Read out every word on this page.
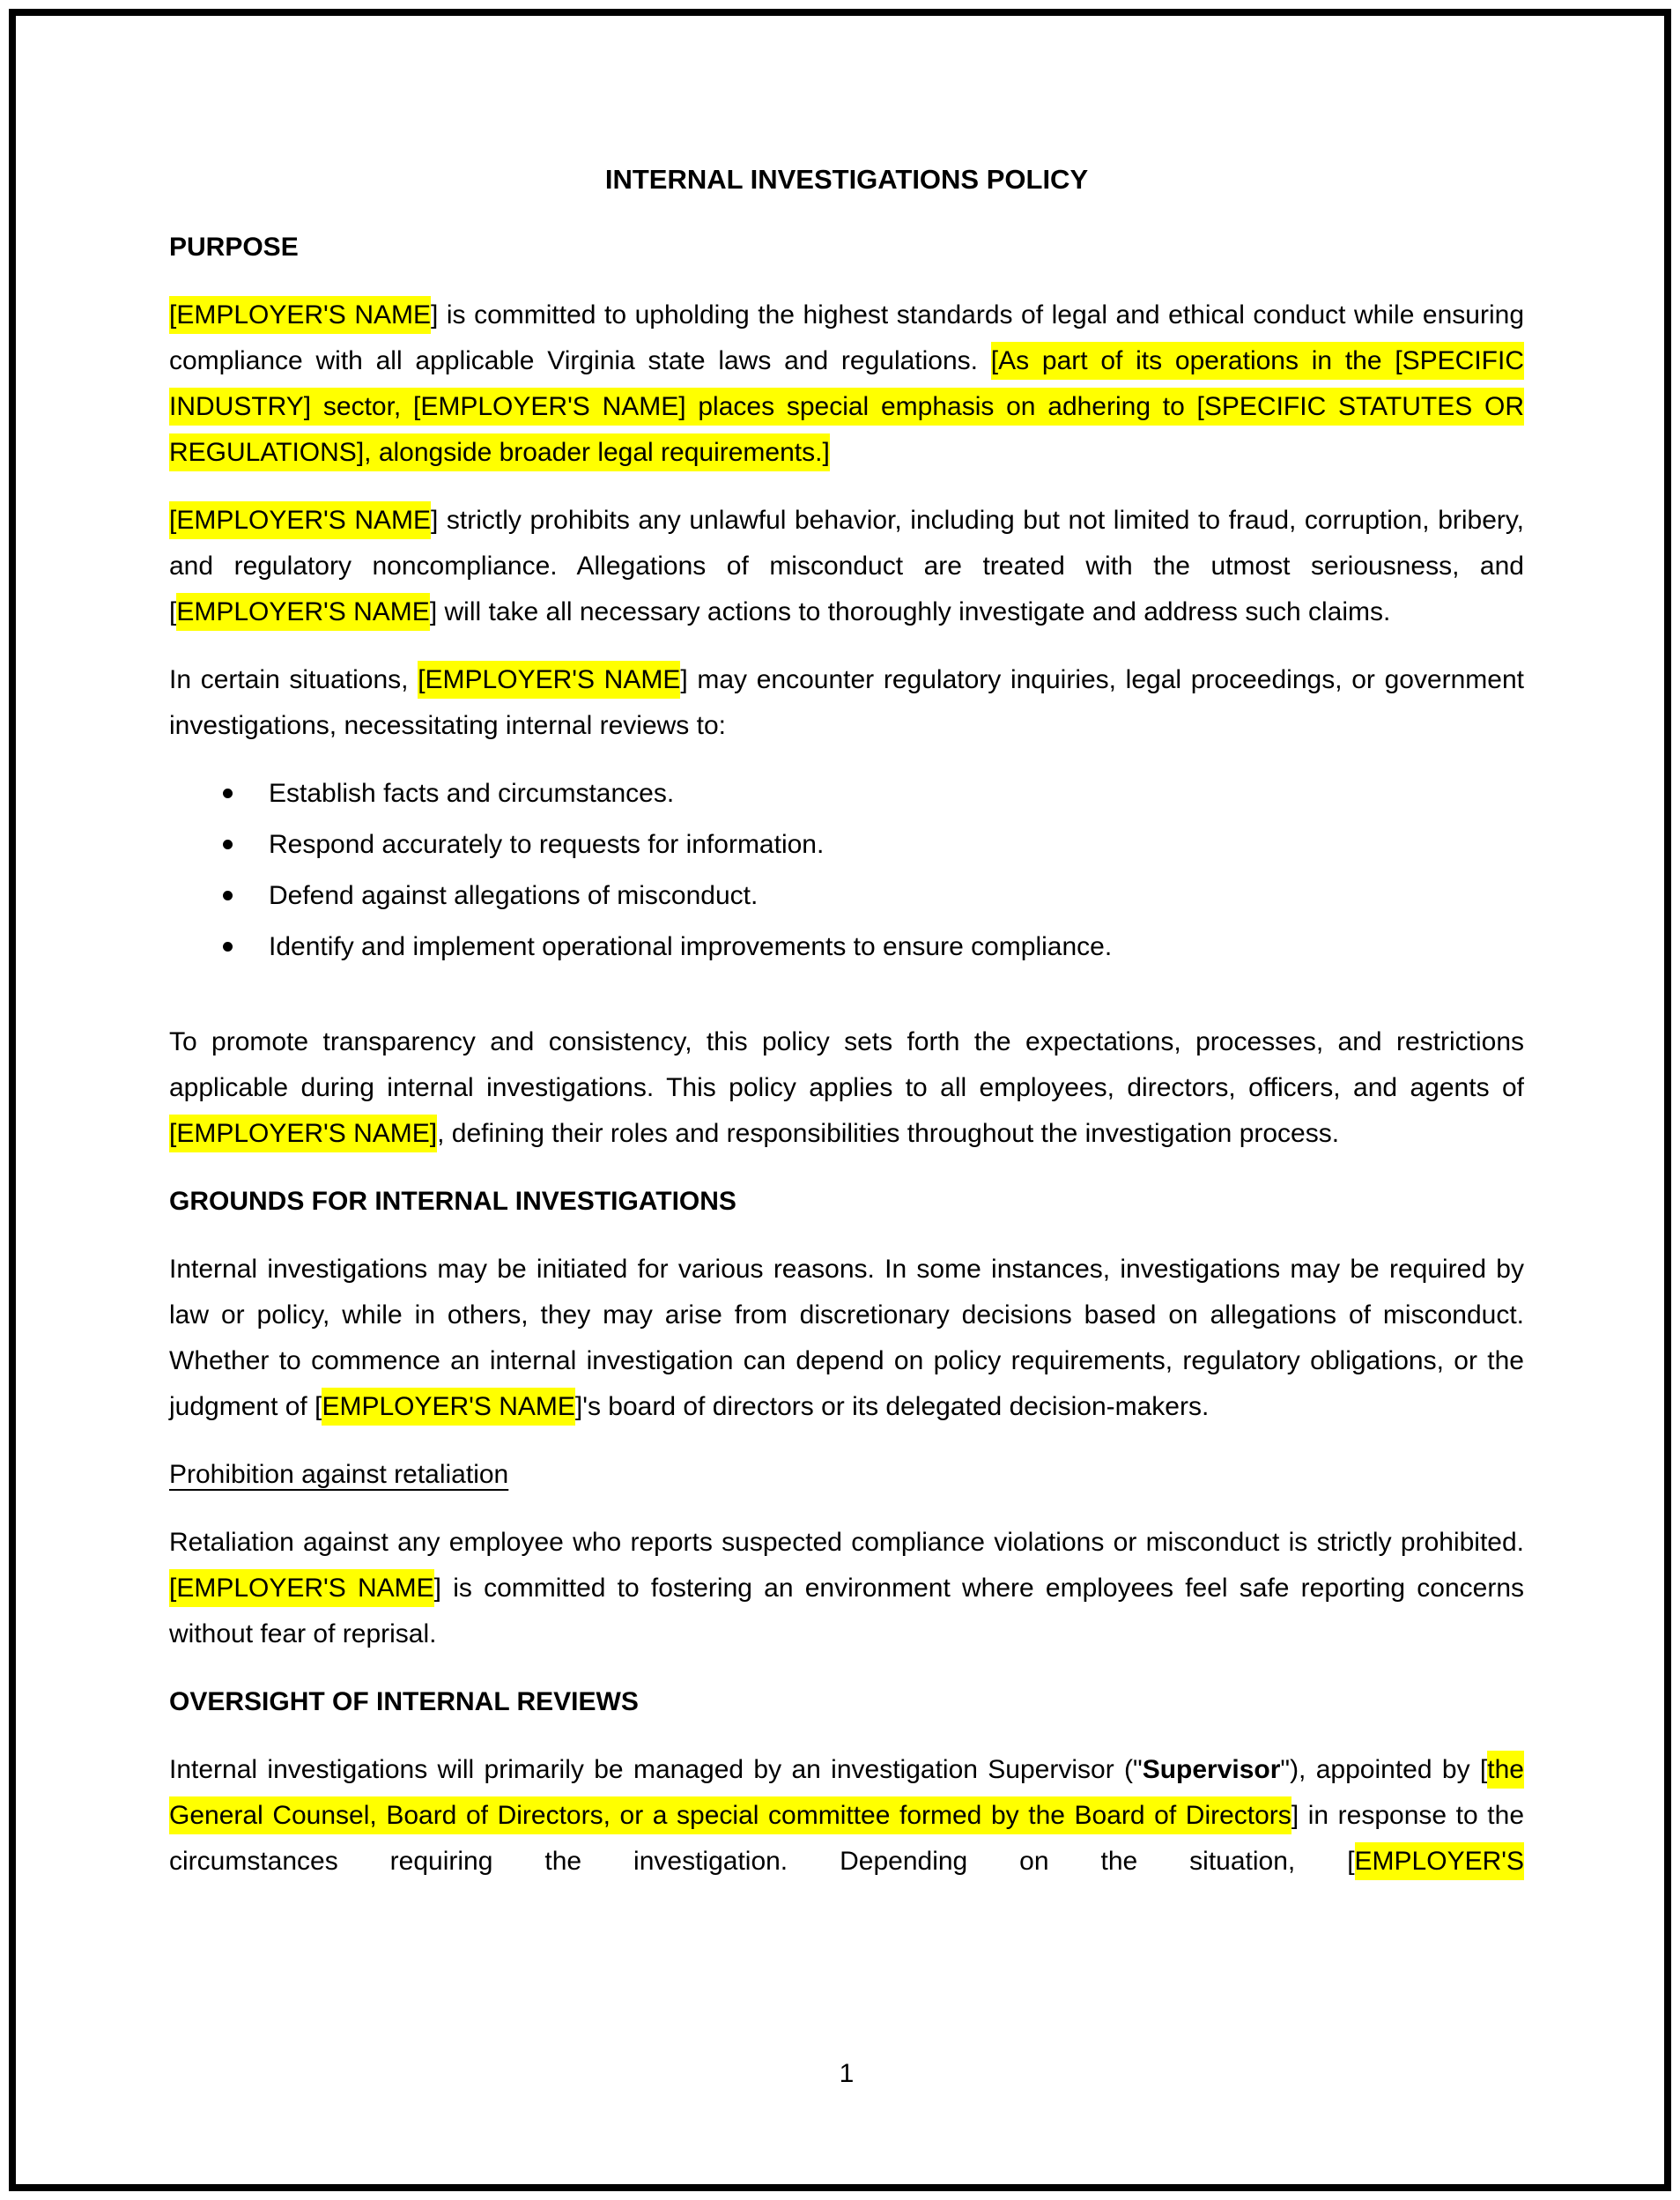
INTERNAL INVESTIGATIONS POLICY
PURPOSE

[EMPLOYER'S NAME] is committed to upholding the highest standards of legal and ethical conduct while ensuring compliance with all applicable Virginia state laws and regulations. [As part of its operations in the [SPECIFIC INDUSTRY] sector, [EMPLOYER'S NAME] places special emphasis on adhering to [SPECIFIC STATUTES OR REGULATIONS], alongside broader legal requirements.]

[EMPLOYER'S NAME] strictly prohibits any unlawful behavior, including but not limited to fraud, corruption, bribery, and regulatory noncompliance. Allegations of misconduct are treated with the utmost seriousness, and [EMPLOYER'S NAME] will take all necessary actions to thoroughly investigate and address such claims.

In certain situations, [EMPLOYER'S NAME] may encounter regulatory inquiries, legal proceedings, or government investigations, necessitating internal reviews to:

Establish facts and circumstances.
Respond accurately to requests for information.
Defend against allegations of misconduct.
Identify and implement operational improvements to ensure compliance.

To promote transparency and consistency, this policy sets forth the expectations, processes, and restrictions applicable during internal investigations. This policy applies to all employees, directors, officers, and agents of [EMPLOYER'S NAME], defining their roles and responsibilities throughout the investigation process.

GROUNDS FOR INTERNAL INVESTIGATIONS

Internal investigations may be initiated for various reasons. In some instances, investigations may be required by law or policy, while in others, they may arise from discretionary decisions based on allegations of misconduct. Whether to commence an internal investigation can depend on policy requirements, regulatory obligations, or the judgment of [EMPLOYER'S NAME]'s board of directors or its delegated decision-makers.

Prohibition against retaliation

Retaliation against any employee who reports suspected compliance violations or misconduct is strictly prohibited. [EMPLOYER'S NAME] is committed to fostering an environment where employees feel safe reporting concerns without fear of reprisal.

OVERSIGHT OF INTERNAL REVIEWS

Internal investigations will primarily be managed by an investigation Supervisor ("Supervisor"), appointed by [the General Counsel, Board of Directors, or a special committee formed by the Board of Directors] in response to the circumstances requiring the investigation. Depending on the situation, [EMPLOYER'S

1
